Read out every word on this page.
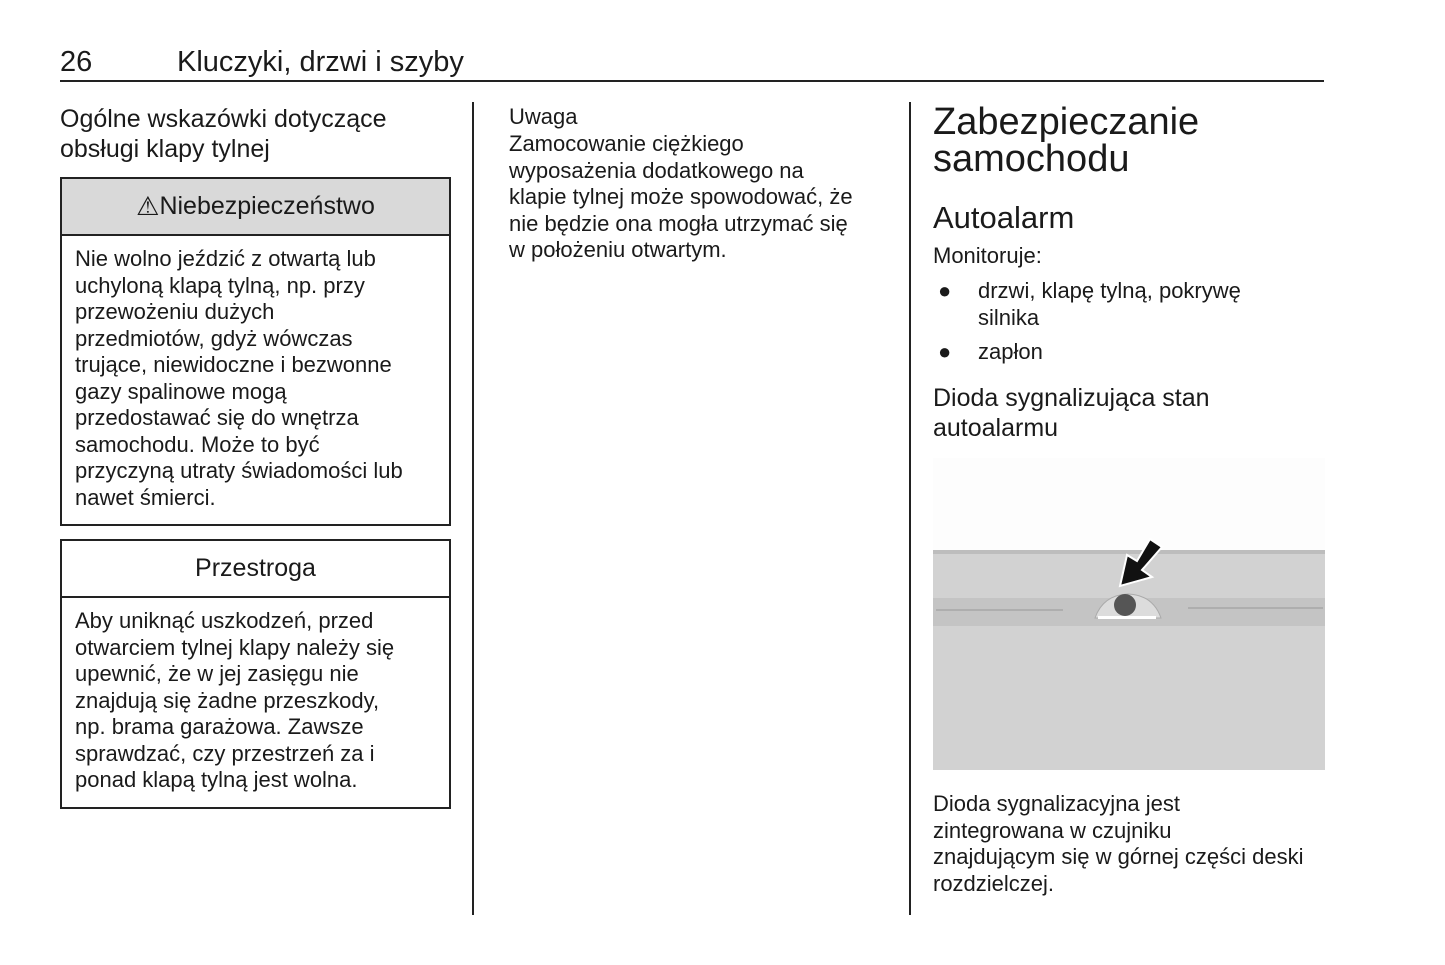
26	Kluczyki, drzwi i szyby
Ogólne wskazówki dotyczące
obsługi klapy tylnej
⚠ Niebezpieczeństwo
Nie wolno jeździć z otwartą lub
uchyloną klapą tylną, np. przy
przewożeniu dużych
przedmiotów, gdyż wówczas
trujące, niewidoczne i bezwonne
gazy spalinowe mogą
przedostawać się do wnętrza
samochodu. Może to być
przyczyną utraty świadomości lub
nawet śmierci.
Przestroga
Aby uniknąć uszkodzeń, przed
otwarciem tylnej klapy należy się
upewnić, że w jej zasięgu nie
znajdują się żadne przeszkody,
np. brama garażowa. Zawsze
sprawdzać, czy przestrzeń za i
ponad klapą tylną jest wolna.
Uwaga
Zamocowanie ciężkiego
wyposażenia dodatkowego na
klapie tylnej może spowodować, że
nie będzie ona mogła utrzymać się
w położeniu otwartym.
Zabezpieczanie
samochodu
Autoalarm
Monitoruje:
● drzwi, klapę tylną, pokrywę
silnika
● zapłon
Dioda sygnalizująca stan
autoalarmu
Dioda sygnalizacyjna jest
zintegrowana w czujniku
znajdującym się w górnej części deski
rozdzielczej.
